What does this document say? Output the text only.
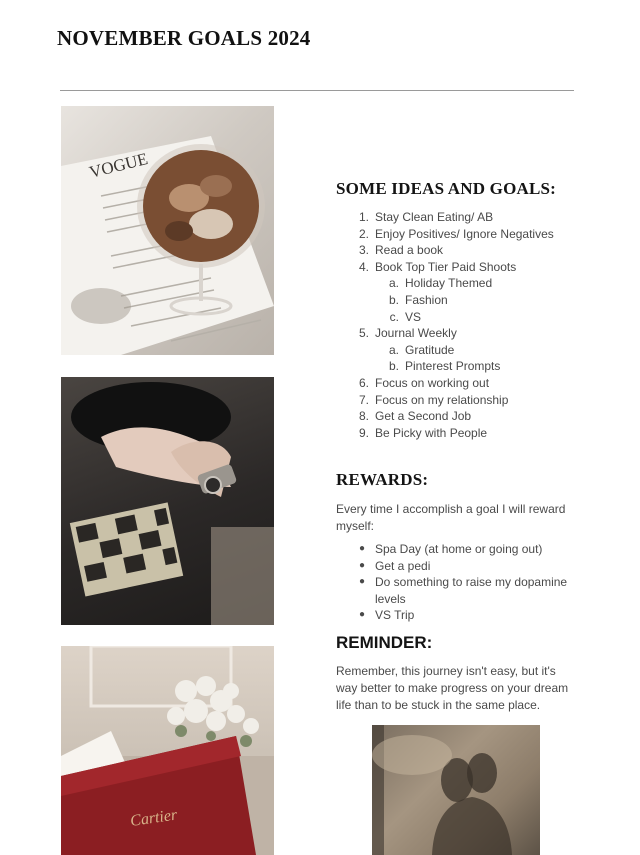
NOVEMBER GOALS 2024
VOGUE
Cartier
SOME IDEAS AND GOALS:
1. Stay Clean Eating/ AB
2. Enjoy Positives/ Ignore Negatives
3. Read a book
4. Book Top Tier Paid Shoots
a. Holiday Themed
b. Fashion
c. VS
5. Journal Weekly
a. Gratitude
b. Pinterest Prompts
6. Focus on working out
7. Focus on my relationship
8. Get a Second Job
9. Be Picky with People
REWARDS:
Every time I accomplish a goal I will reward myself:
● Spa Day (at home or going out)
● Get a pedi
● Do something to raise my dopamine levels
● VS Trip
REMINDER:
Remember, this journey isn't easy, but it's way better to make progress on your dream life than to be stuck in the same place.
